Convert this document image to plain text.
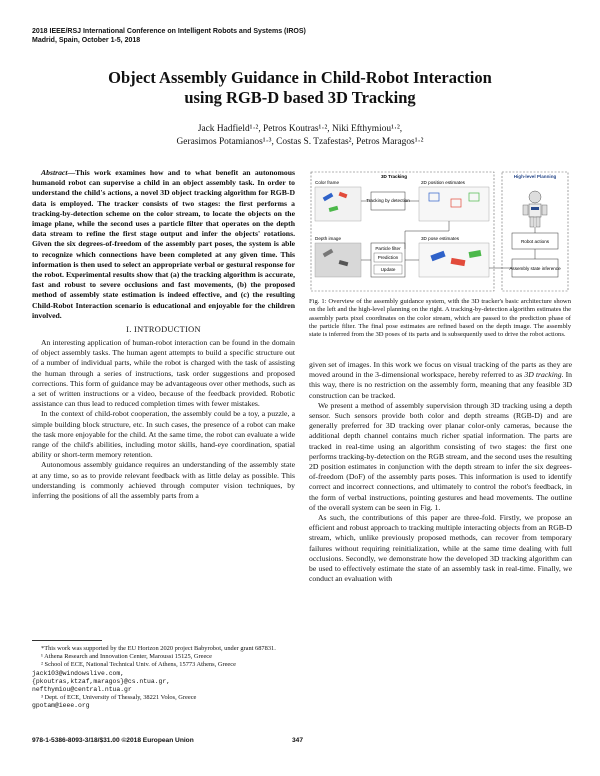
2018 IEEE/RSJ International Conference on Intelligent Robots and Systems (IROS)
Madrid, Spain, October 1-5, 2018
Object Assembly Guidance in Child-Robot Interaction
using RGB-D based 3D Tracking
Jack Hadfield¹·², Petros Koutras¹·², Niki Efthymiou¹·²,
Gerasimos Potamianos¹·³, Costas S. Tzafestas², Petros Maragos¹·²
Abstract—This work examines how and to what benefit an autonomous humanoid robot can supervise a child in an object assembly task. In order to understand the child's actions, a novel 3D object tracking algorithm for RGB-D data is employed. The tracker consists of two stages: the first performs a tracking-by-detection scheme on the color stream, to locate the objects on the image plane, while the second uses a particle filter that operates on the depth data stream to refine the first stage output and infer the objects' rotations. Given the six degrees-of-freedom of the assembly part poses, the system is able to recognize which connections have been completed at any given time. This information is then used to select an appropriate verbal or gestural response for the robot. Experimental results show that (a) the tracking algorithm is accurate, fast and robust to severe occlusions and fast movements, (b) the proposed method of assembly state estimation is indeed effective, and (c) the resulting Child-Robot Interaction scenario is educational and enjoyable for the children involved.
I. INTRODUCTION

An interesting application of human-robot interaction can be found in the domain of object assembly tasks. The human agent attempts to build a specific structure out of a number of individual parts, while the robot is charged with the task of assisting the human through a series of instructions, task order suggestions and proposed corrections. This form of guidance may be advantageous over other methods, such as a set of written instructions or a video, because of the feedback provided. Robotic assistance can thus lead to reduced completion times with fewer mistakes.

In the context of child-robot cooperation, the assembly could be a toy, a puzzle, a simple building block structure, etc. In such cases, the presence of a robot can make the task more enjoyable for the child. At the same time, the robot can evaluate a wide range of the child's abilities, including motor skills, hand-eye coordination, spatial ability or short-term memory retention.

Autonomous assembly guidance requires an understanding of the assembly state at any time, so as to provide relevant feedback with as little delay as possible. This understanding is commonly achieved through computer vision techniques, by inferring the positions of all the assembly parts from a

*This work was supported by the EU Horizon 2020 project Babyrobot, under grant 687831.
¹ Athena Research and Innovation Center, Maroussi 15125, Greece
² School of ECE, National Technical Univ. of Athens, 15773 Athens, Greece
jack103@windowslive.com,
{pkoutras,ktzaf,maragos}@cs.ntua.gr,
nefthymiou@central.ntua.gr
³ Dept. of ECE, University of Thessaly, 38221 Volos, Greece
gpotam@ieee.org
3D Tracking	High-level Planning
Color frame
Tracking by detection
2D position estimates
Depth image
Particle filter
Prediction
Update
3D pose estimates
Robot actions
Assembly state inference
Fig. 1: Overview of the assembly guidance system, with the 3D tracker's basic architecture shown on the left and the high-level planning on the right. A tracking-by-detection algorithm estimates the assembly parts pixel coordinates on the color stream, which are passed to the prediction phase of the particle filter. The final pose estimates are refined based on the depth image. The assembly state is inferred from the 3D poses of its parts and is subsequently used to drive the robot actions.
given set of images. In this work we focus on visual tracking of the parts as they are moved around in the 3-dimensional workspace, hereby referred to as 3D tracking. In this way, there is no restriction on the assembly form, meaning that any feasible 3D construction can be tracked.

We present a method of assembly supervision through 3D tracking using a depth sensor. Such sensors provide both color and depth streams (RGB-D) and are generally preferred for 3D tracking over planar color-only cameras, because the additional depth channel contains much richer spatial information. The parts are tracked in real-time using an algorithm consisting of two stages: the first one performs tracking-by-detection on the RGB stream, and the second uses the resulting 2D position estimates in conjunction with the depth stream to infer the six degrees-of-freedom (DoF) of the assembly parts poses. This information is used to identify correct and incorrect connections, and ultimately to control the robot's feedback, in the form of verbal instructions, pointing gestures and head movements. The outline of the overall system can be seen in Fig. 1.

As such, the contributions of this paper are three-fold. Firstly, we propose an efficient and robust approach to tracking multiple interacting objects from an RGB-D stream, which, unlike previously proposed methods, can recover from temporary failures without requiring reinitialization, while at the same time dealing with full occlusions. Secondly, we demonstrate how the developed 3D tracking algorithm can be used to effectively estimate the state of an assembly task in real-time. Finally, we conduct an evaluation with

978-1-5386-8093-3/18/$31.00 ©2018 European Union	347
